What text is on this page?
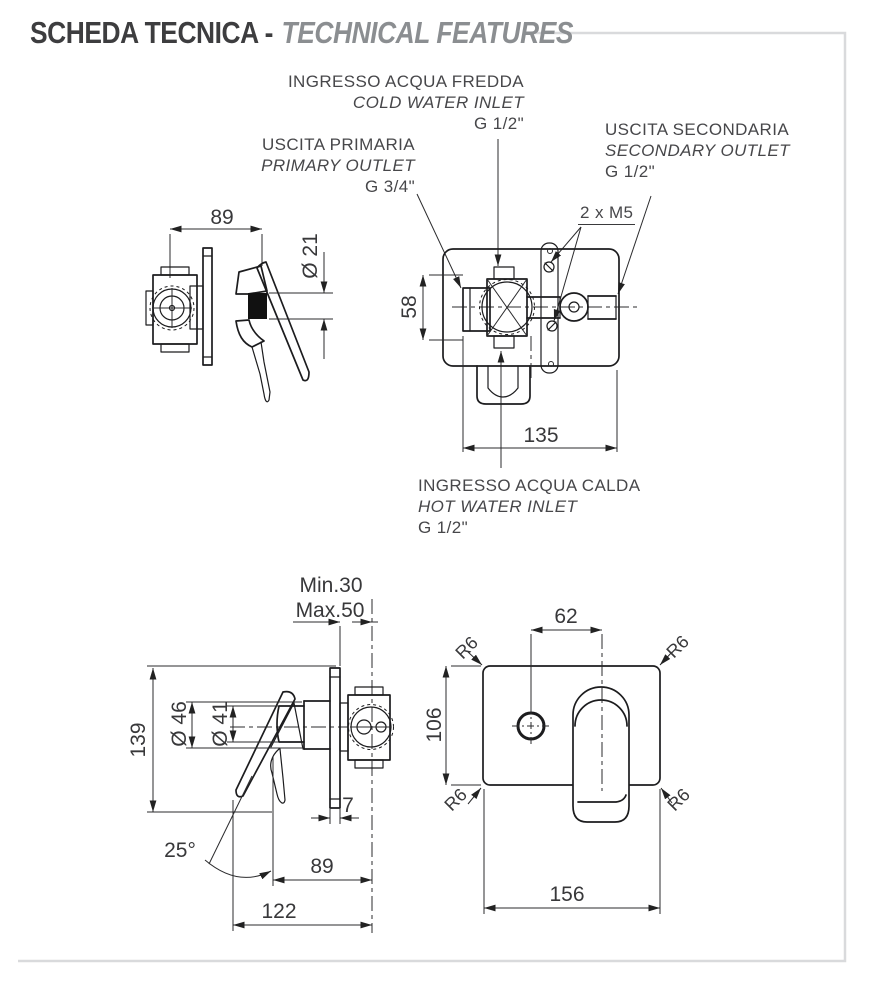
SCHEDA TECNICA - TECHNICAL FEATURES
INGRESSO ACQUA FREDDA
COLD WATER INLET
G 1/2"
USCITA PRIMARIA
PRIMARY OUTLET
G 3/4"
USCITA SECONDARIA
SECONDARY OUTLET
G 1/2"
INGRESSO ACQUA CALDA
HOT WATER INLET
G 1/2"
2 x M5
89
Ø 21
58
135
Min.30
Max.50
139 Ø 46 Ø 41
7
25°
89
122
62
106
156
R6	R6
R6	R6
